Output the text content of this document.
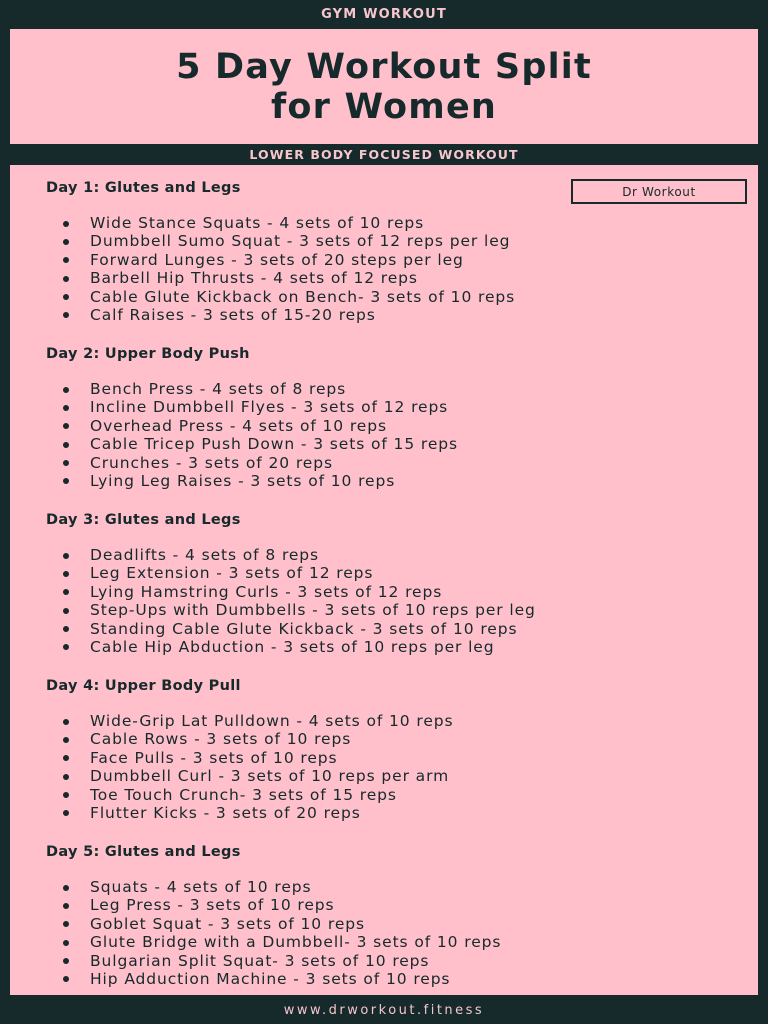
GYM WORKOUT
5 Day Workout Split
for Women
LOWER BODY FOCUSED WORKOUT
Dr Workout
Day 1: Glutes and Legs
Wide Stance Squats - 4 sets of 10 reps
Dumbbell Sumo Squat - 3 sets of 12 reps per leg
Forward Lunges - 3 sets of 20 steps per leg
Barbell Hip Thrusts - 4 sets of 12 reps
Cable Glute Kickback on Bench- 3 sets of 10 reps
Calf Raises - 3 sets of 15-20 reps
Day 2: Upper Body Push
Bench Press - 4 sets of 8 reps
Incline Dumbbell Flyes - 3 sets of 12 reps
Overhead Press - 4 sets of 10 reps
Cable Tricep Push Down - 3 sets of 15 reps
Crunches - 3 sets of 20 reps
Lying Leg Raises - 3 sets of 10 reps
Day 3: Glutes and Legs
Deadlifts - 4 sets of 8 reps
Leg Extension - 3 sets of 12 reps
Lying Hamstring Curls - 3 sets of 12 reps
Step-Ups with Dumbbells - 3 sets of 10 reps per leg
Standing Cable Glute Kickback - 3 sets of 10 reps
Cable Hip Abduction - 3 sets of 10 reps per leg
Day 4: Upper Body Pull
Wide-Grip Lat Pulldown - 4 sets of 10 reps
Cable Rows - 3 sets of 10 reps
Face Pulls - 3 sets of 10 reps
Dumbbell Curl - 3 sets of 10 reps per arm
Toe Touch Crunch- 3 sets of 15 reps
Flutter Kicks - 3 sets of 20 reps
Day 5: Glutes and Legs
Squats - 4 sets of 10 reps
Leg Press - 3 sets of 10 reps
Goblet Squat - 3 sets of 10 reps
Glute Bridge with a Dumbbell- 3 sets of 10 reps
Bulgarian Split Squat- 3 sets of 10 reps
Hip Adduction Machine - 3 sets of 10 reps
www.drworkout.fitness
